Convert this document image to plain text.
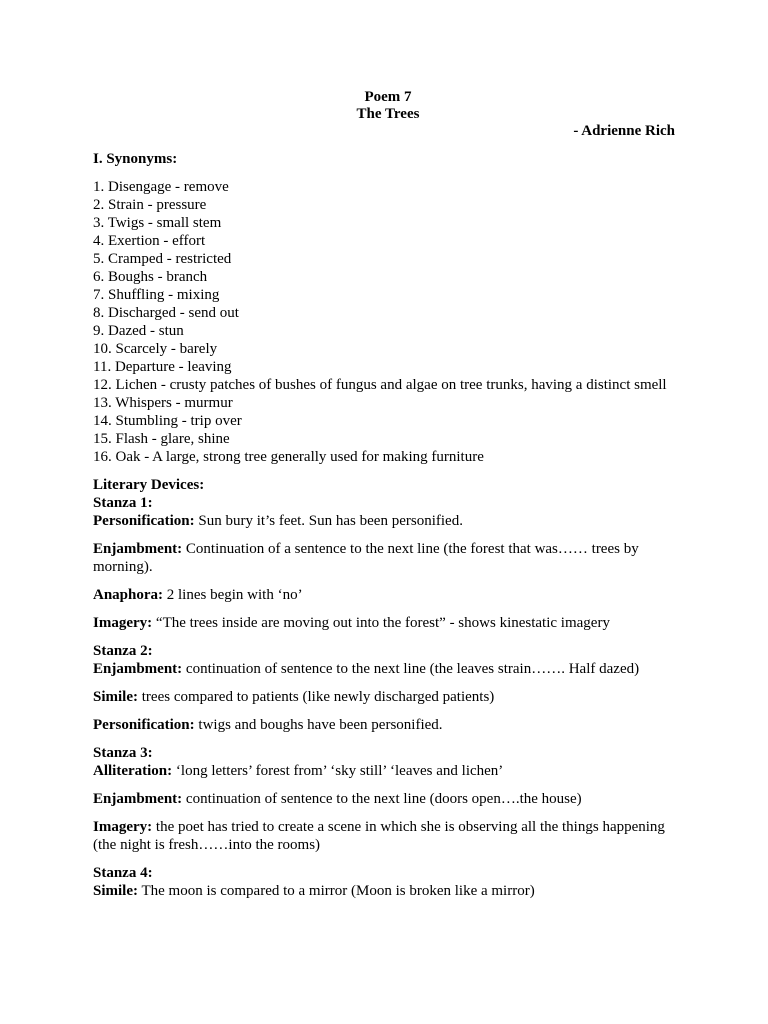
Poem 7
The Trees
- Adrienne Rich
I. Synonyms:
1. Disengage - remove
2. Strain - pressure
3. Twigs - small stem
4. Exertion - effort
5. Cramped - restricted
6. Boughs - branch
7. Shuffling - mixing
8. Discharged - send out
9. Dazed - stun
10. Scarcely - barely
11. Departure - leaving
12. Lichen - crusty patches of bushes of fungus and algae on tree trunks, having a distinct smell
13. Whispers - murmur
14. Stumbling - trip over
15. Flash - glare, shine
16. Oak - A large, strong tree generally used for making furniture
Literary Devices:
Stanza 1:
Personification: Sun bury it’s feet. Sun has been personified.
Enjambment: Continuation of a sentence to the next line (the forest that was…… trees by morning).
Anaphora: 2 lines begin with ‘no’
Imagery: “The trees inside are moving out into the forest” - shows kinestatic imagery
Stanza 2:
Enjambment: continuation of sentence to the next line (the leaves strain……. Half dazed)
Simile: trees compared to patients (like newly discharged patients)
Personification: twigs and boughs have been personified.
Stanza 3:
Alliteration: ‘long letters’ forest from’ ‘sky still’ ‘leaves and lichen’
Enjambment: continuation of sentence to the next line (doors open….the house)
Imagery: the poet has tried to create a scene in which she is observing all the things happening (the night is fresh……into the rooms)
Stanza 4:
Simile: The moon is compared to a mirror (Moon is broken like a mirror)
